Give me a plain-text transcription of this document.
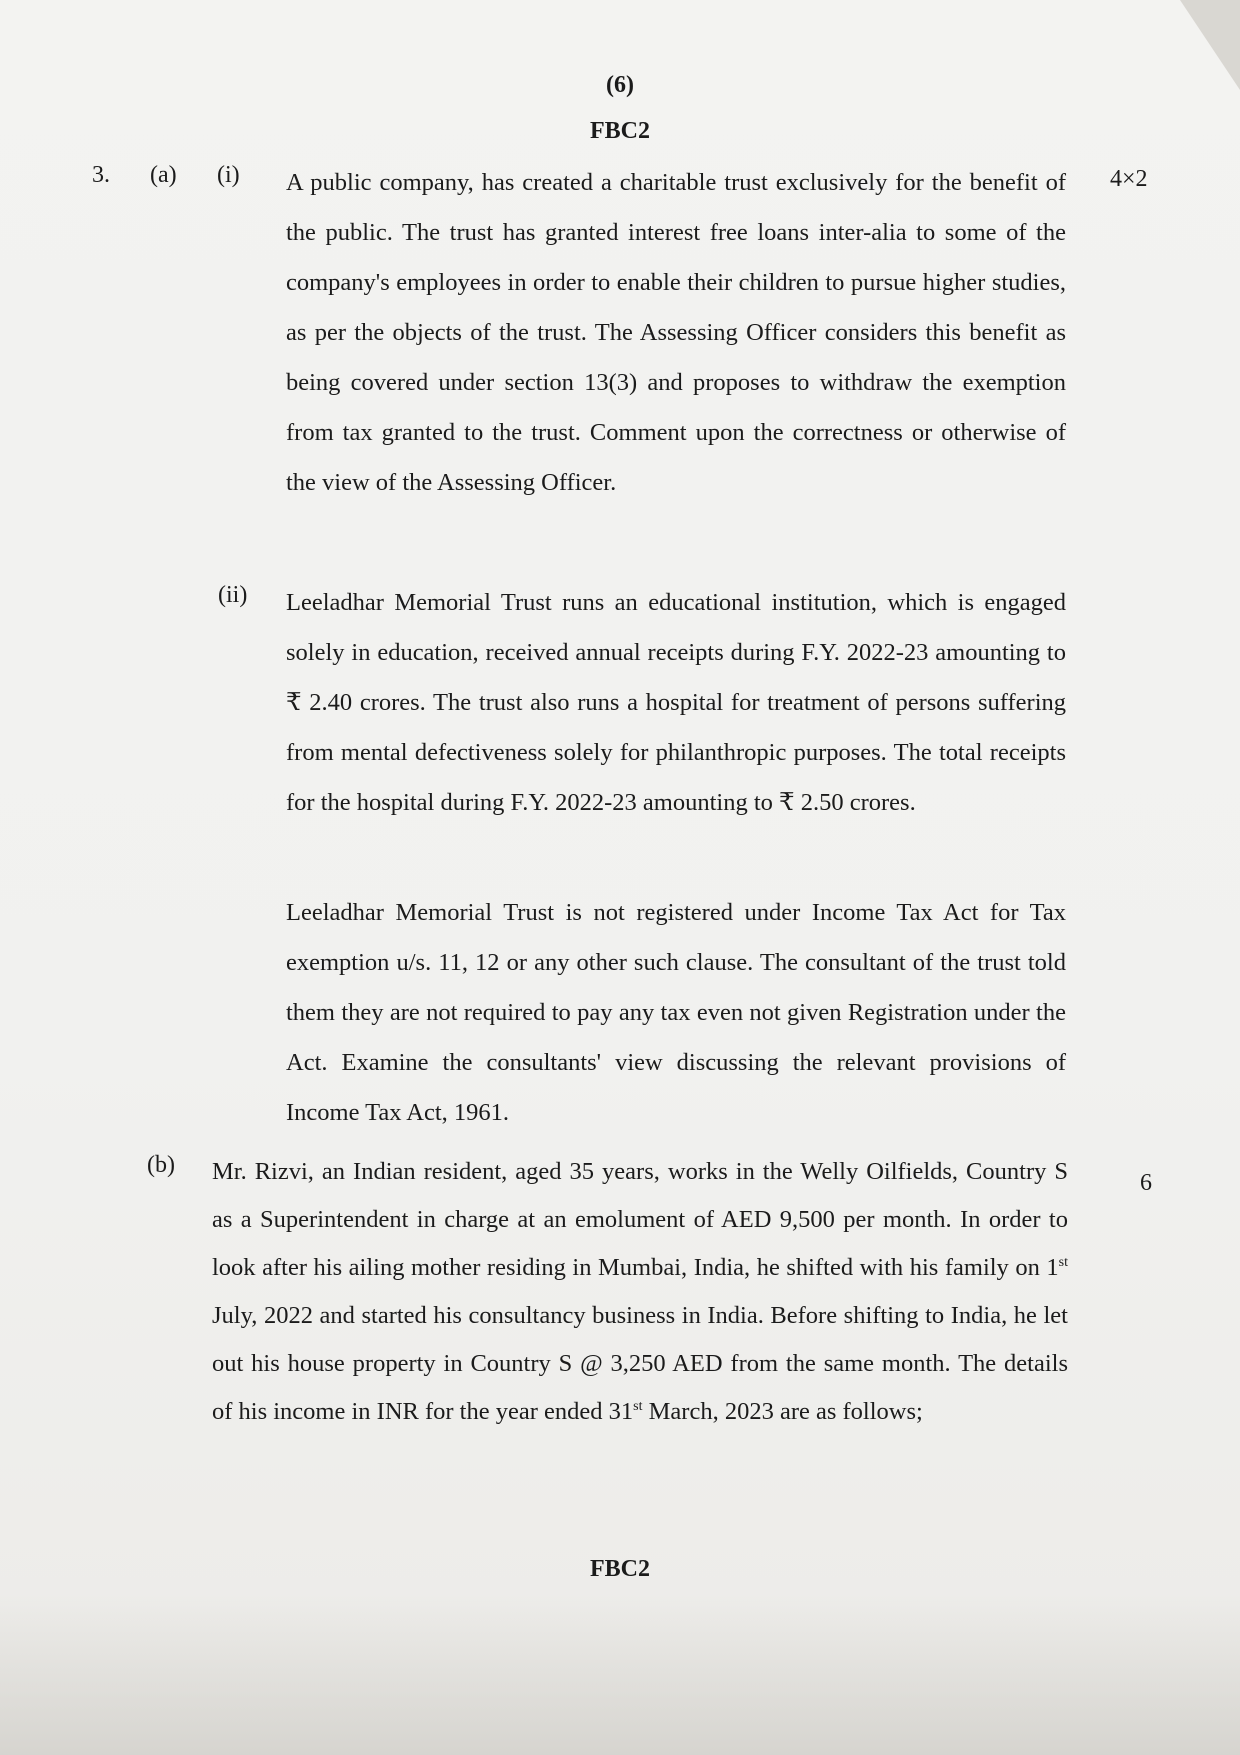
(6)
FBC2
3. (a) (i)	4×2

A public company, has created a charitable trust exclusively for the benefit of the public. The trust has granted interest free loans inter-alia to some of the company's employees in order to enable their children to pursue higher studies, as per the objects of the trust. The Assessing Officer considers this benefit as being covered under section 13(3) and proposes to withdraw the exemption from tax granted to the trust. Comment upon the correctness or otherwise of the view of the Assessing Officer.

(ii) Leeladhar Memorial Trust runs an educational institution, which is engaged solely in education, received annual receipts during F.Y. 2022-23 amounting to ₹ 2.40 crores. The trust also runs a hospital for treatment of persons suffering from mental defectiveness solely for philanthropic purposes. The total receipts for the hospital during F.Y. 2022-23 amounting to ₹ 2.50 crores.

Leeladhar Memorial Trust is not registered under Income Tax Act for Tax exemption u/s. 11, 12 or any other such clause. The consultant of the trust told them they are not required to pay any tax even not given Registration under the Act. Examine the consultants' view discussing the relevant provisions of Income Tax Act, 1961.

(b)
6

Mr. Rizvi, an Indian resident, aged 35 years, works in the Welly Oilfields, Country S as a Superintendent in charge at an emolument of AED 9,500 per month. In order to look after his ailing mother residing in Mumbai, India, he shifted with his family on 1st July, 2022 and started his consultancy business in India. Before shifting to India, he let out his house property in Country S @ 3,250 AED from the same month. The details of his income in INR for the year ended 31st March, 2023 are as follows;

FBC2
